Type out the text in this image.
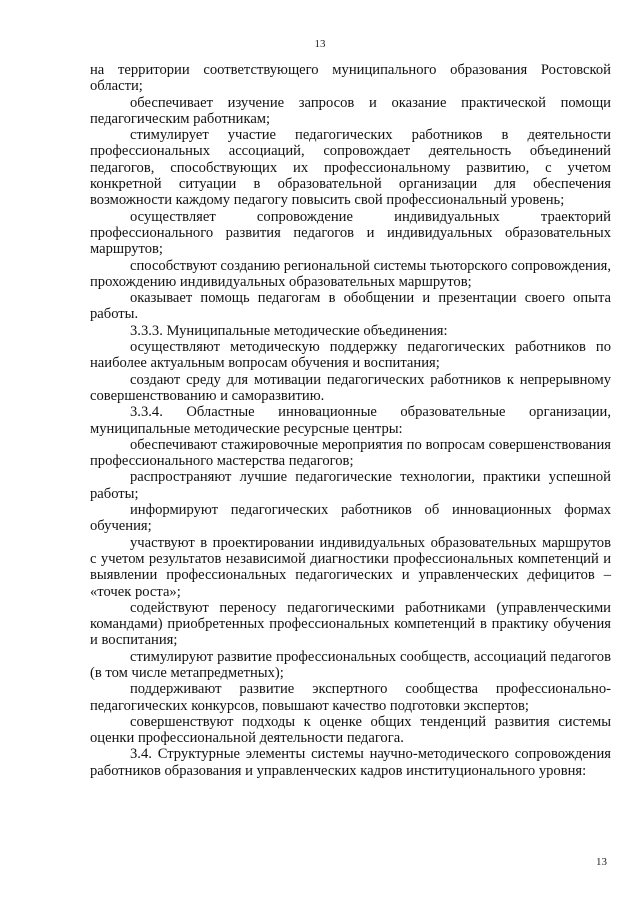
13

на территории соответствующего муниципального образования Ростовской области;

обеспечивает изучение запросов и оказание практической помощи педагогическим работникам;

стимулирует участие педагогических работников в деятельности профессиональных ассоциаций, сопровождает деятельность объединений педагогов, способствующих их профессиональному развитию, с учетом конкретной ситуации в образовательной организации для обеспечения возможности каждому педагогу повысить свой профессиональный уровень;

осуществляет сопровождение индивидуальных траекторий профессионального развития педагогов и индивидуальных образовательных маршрутов;

способствуют созданию региональной системы тьюторского сопровождения, прохождению индивидуальных образовательных маршрутов;

оказывает помощь педагогам в обобщении и презентации своего опыта работы.

3.3.3. Муниципальные методические объединения:

осуществляют методическую поддержку педагогических работников по наиболее актуальным вопросам обучения и воспитания;

создают среду для мотивации педагогических работников к непрерывному совершенствованию и саморазвитию.

3.3.4. Областные инновационные образовательные организации, муниципальные методические ресурсные центры:

обеспечивают стажировочные мероприятия по вопросам совершенствования профессионального мастерства педагогов;

распространяют лучшие педагогические технологии, практики успешной работы;

информируют педагогических работников об инновационных формах обучения;

участвуют в проектировании индивидуальных образовательных маршрутов с учетом результатов независимой диагностики профессиональных компетенций и выявлении профессиональных педагогических и управленческих дефицитов – «точек роста»;

содействуют переносу педагогическими работниками (управленческими командами) приобретенных профессиональных компетенций в практику обучения и воспитания;

стимулируют развитие профессиональных сообществ, ассоциаций педагогов (в том числе метапредметных);

поддерживают развитие экспертного сообщества профессионально-педагогических конкурсов, повышают качество подготовки экспертов;

совершенствуют подходы к оценке общих тенденций развития системы оценки профессиональной деятельности педагога.

3.4. Структурные элементы системы научно-методического сопровождения работников образования и управленческих кадров институционального уровня:

13
